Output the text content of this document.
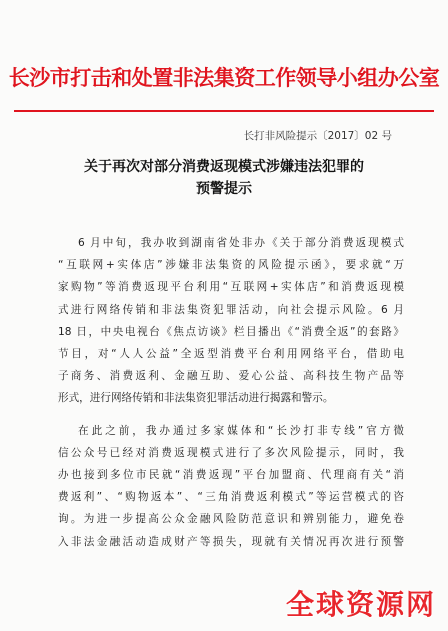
长沙市打击和处置非法集资工作领导小组办公室
长打非风险提示〔2017〕02 号
关于再次对部分消费返现模式涉嫌违法犯罪的
预警提示
6 月中旬，我办收到湖南省处非办《关于部分消费返现模式
“互联网+实体店”涉嫌非法集资的风险提示函》，要求就“万
家购物”等消费返现平台利用“互联网+实体店”和消费返现模
式进行网络传销和非法集资犯罪活动，向社会提示风险。6 月
18 日，中央电视台《焦点访谈》栏目播出《“消费全返”的套路》
节目，对“人人公益”全返型消费平台利用网络平台，借助电
子商务、消费返利、金融互助、爱心公益、高科技生物产品等
形式，进行网络传销和非法集资犯罪活动进行揭露和警示。
在此之前，我办通过多家媒体和“长沙打非专线”官方微
信公众号已经对消费返现模式进行了多次风险提示，同时，我
办也接到多位市民就“消费返现”平台加盟商、代理商有关“消
费返利”、“购物返本”、“三角消费返利模式”等运营模式的咨
询。为进一步提高公众金融风险防范意识和辨别能力，避免卷
入非法金融活动造成财产等损失，现就有关情况再次进行预警
全球资源网
